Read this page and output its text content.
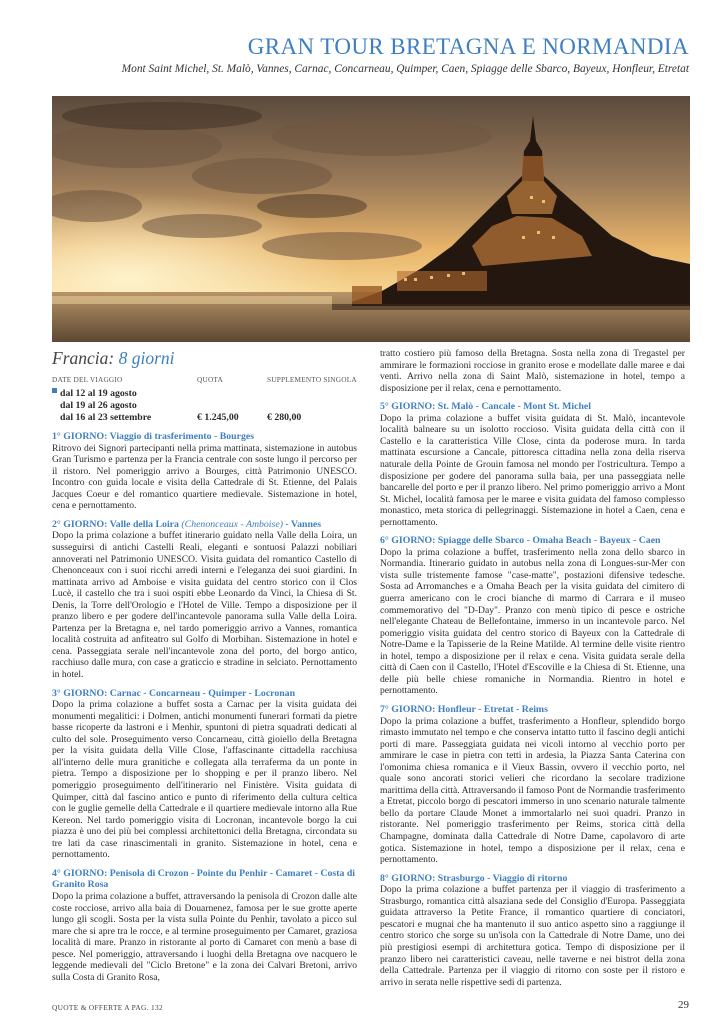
GRAN TOUR BRETAGNA E NORMANDIA
Mont Saint Michel, St. Malò, Vannes, Carnac, Concarneau, Quimper, Caen, Spiagge delle Sbarco, Bayeux, Honfleur, Etretat
Francia: 8 giorni
DATE DEL VIAGGIO	QUOTA	SUPPLEMENTO SINGOLA
dal 12 al 19 agosto
dal 19 al 26 agosto
dal 16 al 23 settembre	€ 1.245,00	€ 280,00
1° GIORNO: Viaggio di trasferimento - Bourges

Ritrovo dei Signori partecipanti nella prima mattinata, sistemazione in autobus Gran Turismo e partenza per la Francia centrale con soste lungo il percorso per il ristoro. Nel pomeriggio arrivo a Bourges, città Patrimonio UNESCO. Incontro con guida locale e visita della Cattedrale di St. Etienne, del Palais Jacques Coeur e del romantico quartiere medievale. Sistemazione in hotel, cena e pernottamento.

2° GIORNO: Valle della Loira (Chenonceaux - Amboise) - Vannes

Dopo la prima colazione a buffet itinerario guidato nella Valle della Loira, un susseguirsi di antichi Castelli Reali, eleganti e sontuosi Palazzi nobiliari annoverati nel Patrimonio UNESCO. Visita guidata del romantico Castello di Chenonceaux con i suoi ricchi arredi interni e l'eleganza dei suoi giardini. In mattinata arrivo ad Amboise e visita guidata del centro storico con il Clos Lucè, il castello che tra i suoi ospiti ebbe Leonardo da Vinci, la Chiesa di St. Denis, la Torre dell'Orologio e l'Hotel de Ville. Tempo a disposizione per il pranzo libero e per godere dell'incantevole panorama sulla Valle della Loira. Partenza per la Bretagna e, nel tardo pomeriggio arrivo a Vannes, romantica località costruita ad anfiteatro sul Golfo di Morbihan. Sistemazione in hotel e cena. Passeggiata serale nell'incantevole zona del porto, del borgo antico, racchiuso dalle mura, con case a graticcio e stradine in selciato. Pernottamento in hotel.

3° GIORNO: Carnac - Concarneau - Quimper - Locronan

Dopo la prima colazione a buffet sosta a Carnac per la visita guidata dei monumenti megalitici: i Dolmen, antichi monumenti funerari formati da pietre basse ricoperte da lastroni e i Menhir, spuntoni di pietra squadrati dedicati al culto del sole. Proseguimento verso Concarneau, città gioiello della Bretagna per la visita guidata della Ville Close, l'affascinante cittadella racchiusa all'interno delle mura granitiche e collegata alla terraferma da un ponte in pietra. Tempo a disposizione per lo shopping e per il pranzo libero. Nel pomeriggio proseguimento dell'itinerario nel Finistère. Visita guidata di Quimper, città dal fascino antico e punto di riferimento della cultura celtica con le guglie gemelle della Cattedrale e il quartiere medievale intorno alla Rue Kereon. Nel tardo pomeriggio visita di Locronan, incantevole borgo la cui piazza è uno dei più bei complessi architettonici della Bretagna, circondata su tre lati da case rinascimentali in granito. Sistemazione in hotel, cena e pernottamento.

4° GIORNO: Penisola di Crozon - Pointe du Penhir - Camaret - Costa di Granito Rosa

Dopo la prima colazione a buffet, attraversando la penisola di Crozon dalle alte coste rocciose, arrivo alla baia di Douarnenez, famosa per le sue grotte aperte lungo gli scogli. Sosta per la vista sulla Pointe du Penhir, tavolato a picco sul mare che si apre tra le rocce, e al termine proseguimento per Camaret, graziosa località di mare. Pranzo in ristorante al porto di Camaret con menù a base di pesce. Nel pomeriggio, attraversando i luoghi della Bretagna ove nacquero le leggende medievali del "Ciclo Bretone" e la zona dei Calvari Bretoni, arrivo sulla Costa di Granito Rosa,

tratto costiero più famoso della Bretagna. Sosta nella zona di Tregastel per ammirare le formazioni rocciose in granito erose e modellate dalle maree e dai venti. Arrivo nella zona di Saint Malò, sistemazione in hotel, tempo a disposizione per il relax, cena e pernottamento.

5° GIORNO: St. Malò - Cancale - Mont St. Michel

Dopo la prima colazione a buffet visita guidata di St. Malò, incantevole località balneare su un isolotto roccioso. Visita guidata della città con il Castello e la caratteristica Ville Close, cinta da poderose mura. In tarda mattinata escursione a Cancale, pittoresca cittadina nella zona della riserva naturale della Pointe de Grouin famosa nel mondo per l'ostricultura. Tempo a disposizione per godere del panorama sulla baia, per una passeggiata nelle bancarelle del porto e per il pranzo libero. Nel primo pomeriggio arrivo a Mont St. Michel, località famosa per le maree e visita guidata del famoso complesso monastico, meta storica di pellegrinaggi. Sistemazione in hotel a Caen, cena e pernottamento.

6° GIORNO: Spiagge delle Sbarco - Omaha Beach - Bayeux - Caen

Dopo la prima colazione a buffet, trasferimento nella zona dello sbarco in Normandia. Itinerario guidato in autobus nella zona di Longues-sur-Mer con vista sulle tristemente famose "case-matte", postazioni difensive tedesche. Sosta ad Arromanches e a Omaha Beach per la visita guidata del cimitero di guerra americano con le croci bianche di marmo di Carrara e il museo commemorativo del "D-Day". Pranzo con menù tipico di pesce e ostriche nell'elegante Chateau de Bellefontaine, immerso in un incantevole parco. Nel pomeriggio visita guidata del centro storico di Bayeux con la Cattedrale di Notre-Dame e la Tapisserie de la Reine Matilde. Al termine delle visite rientro in hotel, tempo a disposizione per il relax e cena. Visita guidata serale della città di Caen con il Castello, l'Hotel d'Escoville e la Chiesa di St. Etienne, una delle più belle chiese romaniche in Normandia. Rientro in hotel e pernottamento.

7° GIORNO: Honfleur - Etretat - Reims

Dopo la prima colazione a buffet, trasferimento a Honfleur, splendido borgo rimasto immutato nel tempo e che conserva intatto tutto il fascino degli antichi porti di mare. Passeggiata guidata nei vicoli intorno al vecchio porto per ammirare le case in pietra con tetti in ardesia, la Piazza Santa Caterina con l'omonima chiesa romanica e il Vieux Bassin, ovvero il vecchio porto, nel quale sono ancorati storici velieri che ricordano la secolare tradizione marittima della città. Attraversando il famoso Pont de Normandie trasferimento a Etretat, piccolo borgo di pescatori immerso in uno scenario naturale talmente bello da portare Claude Monet a immortalarlo nei suoi quadri. Pranzo in ristorante. Nel pomeriggio trasferimento per Reims, storica città della Champagne, dominata dalla Cattedrale di Notre Dame, capolavoro di arte gotica. Sistemazione in hotel, tempo a disposizione per il relax, cena e pernottamento.

8° GIORNO: Strasburgo - Viaggio di ritorno

Dopo la prima colazione a buffet partenza per il viaggio di trasferimento a Strasburgo, romantica città alsaziana sede del Consiglio d'Europa. Passeggiata guidata attraverso la Petite France, il romantico quartiere di conciatori, pescatori e mugnai che ha mantenuto il suo antico aspetto sino a raggiunge il centro storico che sorge su un'isola con la Cattedrale di Notre Dame, uno dei più prestigiosi esempi di architettura gotica. Tempo di disposizione per il pranzo libero nei caratteristici caveau, nelle taverne e nei bistrot della zona della Cattedrale. Partenza per il viaggio di ritorno con soste per il ristoro e arrivo in serata nelle rispettive sedi di partenza.

QUOTE & OFFERTE A PAG. 132	29
